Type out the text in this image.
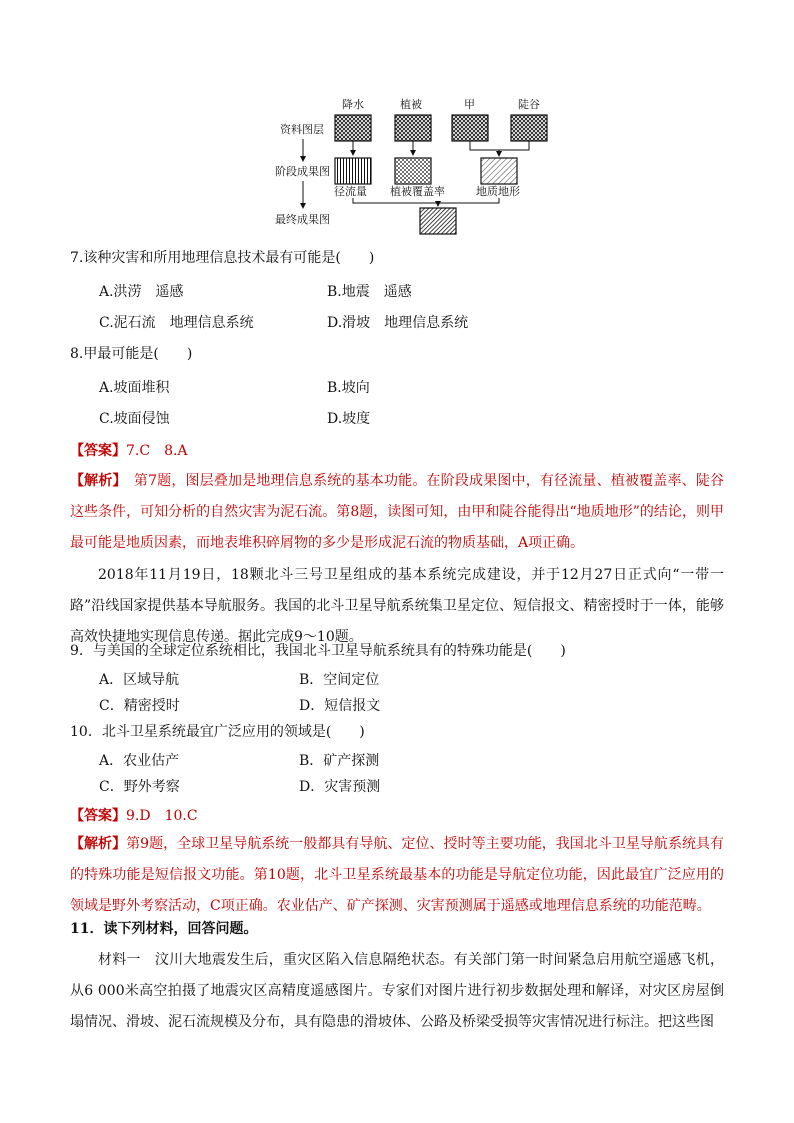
资料图层
阶段成果图
最终成果图
降水	植被	甲	陡谷
径流量 植被覆盖率	地质地形
7.该种灾害和所用地理信息技术最有可能是(　　)
A.洪涝　遥感	B.地震　遥感
C.泥石流　地理信息系统	D.滑坡　地理信息系统
8.甲最可能是(　　)
A.坡面堆积	B.坡向
C.坡面侵蚀	D.坡度
【答案】7.C　8.A
【解析】　第7题，图层叠加是地理信息系统的基本功能。在阶段成果图中，有径流量、植被覆盖率、陡谷这些条件，可知分析的自然灾害为泥石流。第8题，读图可知，由甲和陡谷能得出“地质地形”的结论，则甲最可能是地质因素，而地表堆积碎屑物的多少是形成泥石流的物质基础，A项正确。
2018年11月19日，18颗北斗三号卫星组成的基本系统完成建设，并于12月27日正式向“一带一路”沿线国家提供基本导航服务。我国的北斗卫星导航系统集卫星定位、短信报文、精密授时于一体，能够高效快捷地实现信息传递。据此完成9～10题。
9．与美国的全球定位系统相比，我国北斗卫星导航系统具有的特殊功能是(　　)
A．区域导航	B．空间定位
C．精密授时	D．短信报文
10．北斗卫星系统最宜广泛应用的领域是(　　)
A．农业估产	B．矿产探测
C．野外考察	D．灾害预测
【答案】9.D　10.C
【解析】第9题，全球卫星导航系统一般都具有导航、定位、授时等主要功能，我国北斗卫星导航系统具有的特殊功能是短信报文功能。第10题，北斗卫星系统最基本的功能是导航定位功能，因此最宜广泛应用的领域是野外考察活动，C项正确。农业估产、矿产探测、灾害预测属于遥感或地理信息系统的功能范畴。
11．读下列材料，回答问题。
材料一　汶川大地震发生后，重灾区陷入信息隔绝状态。有关部门第一时间紧急启用航空遥感飞机，从6 000米高空拍摄了地震灾区高精度遥感图片。专家们对图片进行初步数据处理和解译，对灾区房屋倒塌情况、滑坡、泥石流规模及分布，具有隐患的滑坡体、公路及桥梁受损等灾害情况进行标注。把这些图
